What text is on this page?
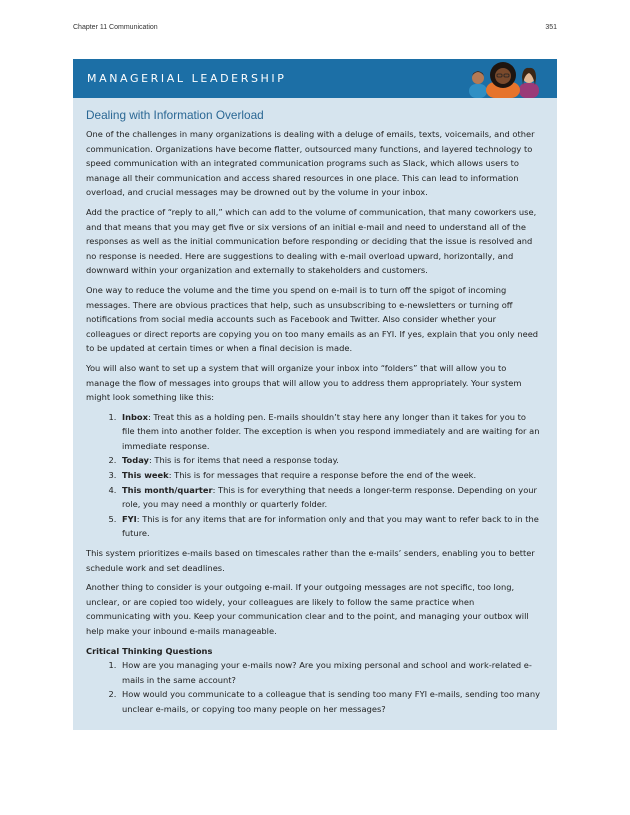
Chapter 11 Communication	351
MANAGERIAL LEADERSHIP
Dealing with Information Overload

One of the challenges in many organizations is dealing with a deluge of emails, texts, voicemails, and other communication. Organizations have become flatter, outsourced many functions, and layered technology to speed communication with an integrated communication programs such as Slack, which allows users to manage all their communication and access shared resources in one place. This can lead to information overload, and crucial messages may be drowned out by the volume in your inbox.

Add the practice of “reply to all,” which can add to the volume of communication, that many coworkers use, and that means that you may get five or six versions of an initial e-mail and need to understand all of the responses as well as the initial communication before responding or deciding that the issue is resolved and no response is needed. Here are suggestions to dealing with e-mail overload upward, horizontally, and downward within your organization and externally to stakeholders and customers.

One way to reduce the volume and the time you spend on e-mail is to turn off the spigot of incoming messages. There are obvious practices that help, such as unsubscribing to e-newsletters or turning off notifications from social media accounts such as Facebook and Twitter. Also consider whether your colleagues or direct reports are copying you on too many emails as an FYI. If yes, explain that you only need to be updated at certain times or when a final decision is made.

You will also want to set up a system that will organize your inbox into “folders” that will allow you to manage the flow of messages into groups that will allow you to address them appropriately. Your system might look something like this:

1. Inbox: Treat this as a holding pen. E-mails shouldn’t stay here any longer than it takes for you to file them into another folder. The exception is when you respond immediately and are waiting for an immediate response.
2. Today: This is for items that need a response today.
3. This week: This is for messages that require a response before the end of the week.
4. This month/quarter: This is for everything that needs a longer-term response. Depending on your role, you may need a monthly or quarterly folder.
5. FYI: This is for any items that are for information only and that you may want to refer back to in the future.

This system prioritizes e-mails based on timescales rather than the e-mails’ senders, enabling you to better schedule work and set deadlines.

Another thing to consider is your outgoing e-mail. If your outgoing messages are not specific, too long, unclear, or are copied too widely, your colleagues are likely to follow the same practice when communicating with you. Keep your communication clear and to the point, and managing your outbox will help make your inbound e-mails manageable.

Critical Thinking Questions
1. How are you managing your e-mails now? Are you mixing personal and school and work-related e-mails in the same account?
2. How would you communicate to a colleague that is sending too many FYI e-mails, sending too many unclear e-mails, or copying too many people on her messages?
